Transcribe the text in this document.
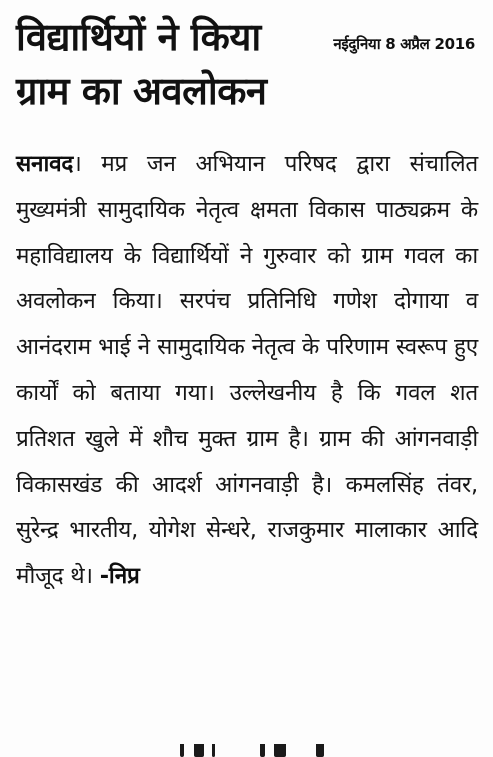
विद्यार्थियों ने किया ग्राम का अवलोकन
नईदुनिया 8 अप्रैल 2016

सनावद। मप्र जन अभियान परिषद द्वारा संचालित मुख्यमंत्री सामुदायिक नेतृत्व क्षमता विकास पाठ्यक्रम के महाविद्यालय के विद्यार्थियों ने गुरुवार को ग्राम गवल का अवलोकन किया। सरपंच प्रतिनिधि गणेश दोगाया व आनंदराम भाई ने सामुदायिक नेतृत्व के परिणाम स्वरूप हुए कार्यों को बताया गया। उल्लेखनीय है कि गवल शत प्रतिशत खुले में शौच मुक्त ग्राम है। ग्राम की आंगनवाड़ी विकासखंड की आदर्श आंगनवाड़ी है। कमलसिंह तंवर, सुरेन्द्र भारतीय, योगेश सेन्धरे, राजकुमार मालाकार आदि मौजूद थे। -निप्र
